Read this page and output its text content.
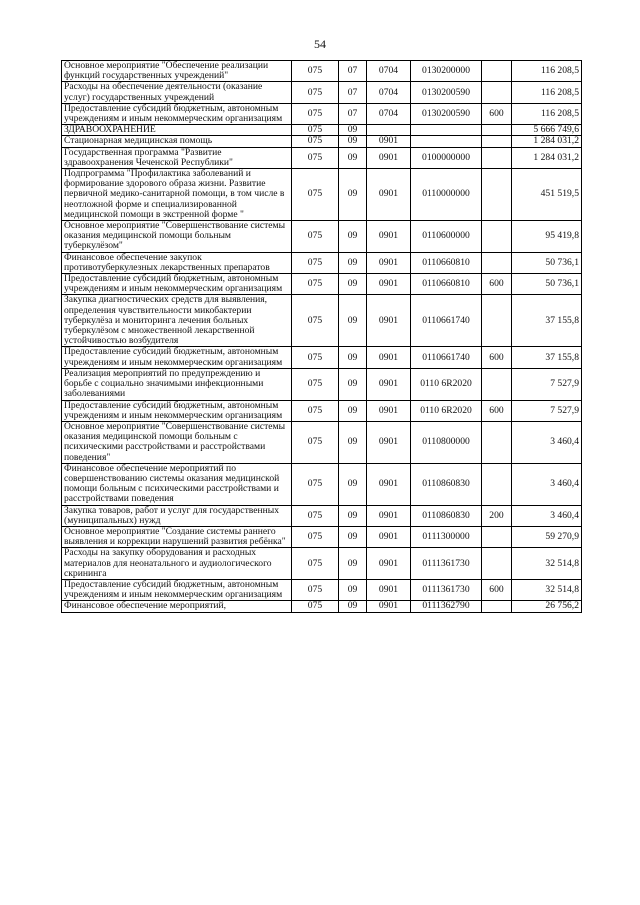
54
Основное мероприятие "Обеспечение реализации функций государственных учреждений"	075	07	0704	0130200000		116 208,5
Расходы на обеспечение деятельности (оказание услуг) государственных учреждений	075	07	0704	0130200590		116 208,5
Предоставление субсидий бюджетным, автономным учреждениям и иным некоммерческим организациям	075	07	0704	0130200590	600	116 208,5
ЗДРАВООХРАНЕНИЕ	075	09				5 666 749,6
Стационарная медицинская помощь	075	09	0901			1 284 031,2
Государственная программа "Развитие здравоохранения Чеченской Республики"	075	09	0901	0100000000		1 284 031,2
Подпрограмма "Профилактика заболеваний и формирование здорового образа жизни. Развитие первичной медико-санитарной помощи, в том числе в неотложной форме и специализированной медицинской помощи в экстренной форме "	075	09	0901	0110000000		451 519,5
Основное мероприятие "Совершенствование системы оказания медицинской помощи больным туберкулёзом"	075	09	0901	0110600000		95 419,8
Финансовое обеспечение закупок противотуберкулезных лекарственных препаратов	075	09	0901	0110660810		50 736,1
Предоставление субсидий бюджетным, автономным учреждениям и иным некоммерческим организациям	075	09	0901	0110660810	600	50 736,1
Закупка диагностических средств для выявления, определения чувствительности микобактерии туберкулёза и мониторинга лечения больных туберкулёзом с множественной лекарственной устойчивостью возбудителя	075	09	0901	0110661740		37 155,8
Предоставление субсидий бюджетным, автономным учреждениям и иным некоммерческим организациям	075	09	0901	0110661740	600	37 155,8
Реализация мероприятий по предупреждению и борьбе с социально значимыми инфекционными заболеваниями	075	09	0901	0110 6R2020		7 527,9
Предоставление субсидий бюджетным, автономным учреждениям и иным некоммерческим организациям	075	09	0901	0110 6R2020	600	7 527,9
Основное мероприятие "Совершенствование системы оказания медицинской помощи больным с психическими расстройствами и расстройствами поведения"	075	09	0901	0110800000		3 460,4
Финансовое обеспечение мероприятий по совершенствованию системы оказания медицинской помощи больным с психическими расстройствами и расстройствами поведения	075	09	0901	0110860830		3 460,4
Закупка товаров, работ и услуг для государственных (муниципальных) нужд	075	09	0901	0110860830	200	3 460,4
Основное мероприятие "Создание системы раннего выявления и коррекции нарушений развития ребёнка"	075	09	0901	0111300000		59 270,9
Расходы на закупку оборудования и расходных материалов для неонатального и аудиологического скрининга	075	09	0901	0111361730		32 514,8
Предоставление субсидий бюджетным, автономным учреждениям и иным некоммерческим организациям	075	09	0901	0111361730	600	32 514,8
Финансовое обеспечение мероприятий,	075	09	0901	0111362790		26 756,2
